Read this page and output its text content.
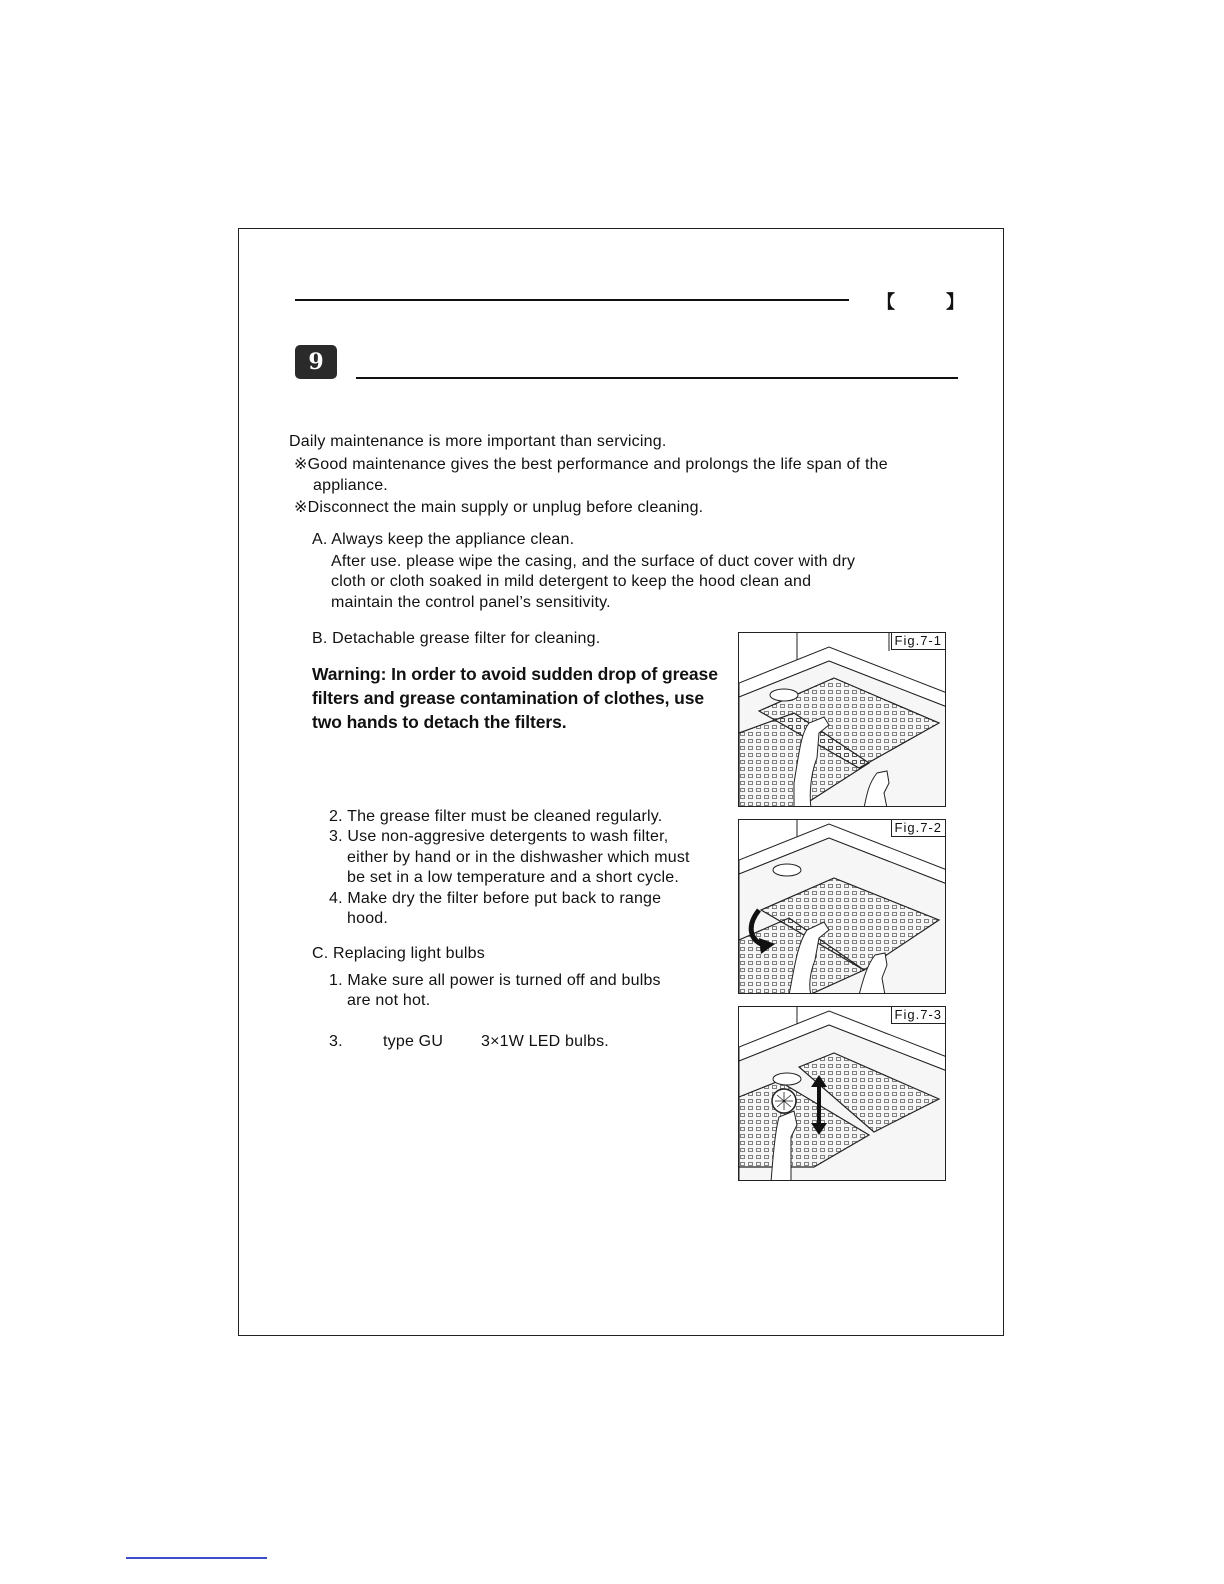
【	】
9
Daily maintenance is more important than servicing.
※Good maintenance gives the best performance and prolongs the life span of the
appliance.
※Disconnect the main supply or unplug before cleaning.
A. Always keep the appliance clean.
After use. please wipe the casing, and the surface of duct cover with dry
cloth or cloth soaked in mild detergent to keep the hood clean and
maintain the control panel’s sensitivity.
B. Detachable grease filter for cleaning.
Warning: In order to avoid sudden drop of grease
filters and grease contamination of clothes, use
two hands to detach the filters.
2. The grease filter must be cleaned regularly.
3. Use non-aggresive detergents to wash filter,
either by hand or in the dishwasher which must
be set in a low temperature and a short cycle.
4. Make dry the filter before put back to range
hood.
C. Replacing light bulbs
1. Make sure all power is turned off and bulbs
are not hot.
3.	type GU 3×1W LED bulbs.
Fig.7-1
Fig.7-2
Fig.7-3
